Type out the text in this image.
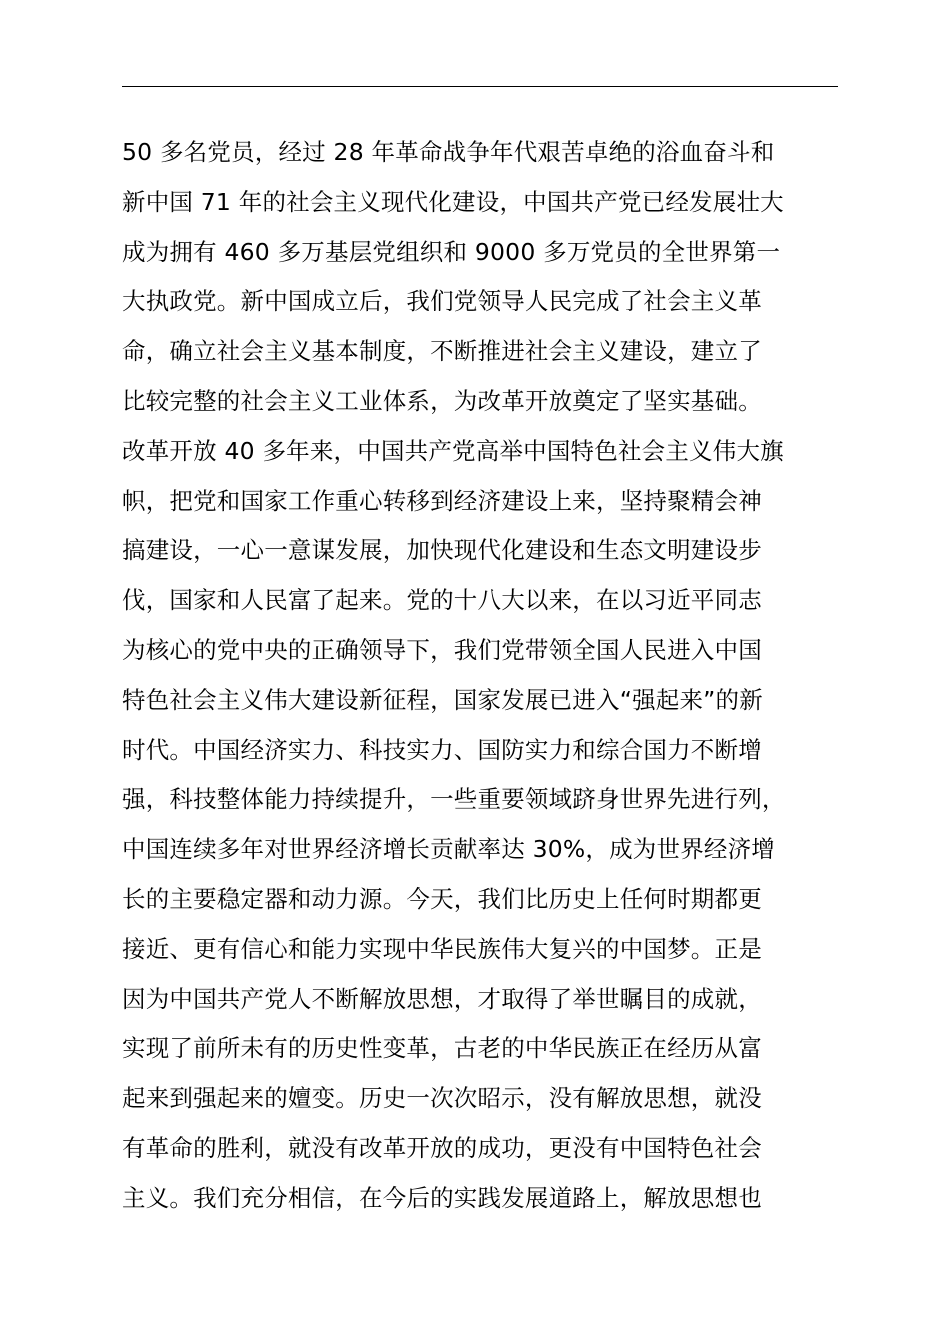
50 多名党员，经过 28 年革命战争年代艰苦卓绝的浴血奋斗和
新中国 71 年的社会主义现代化建设，中国共产党已经发展壮大
成为拥有 460 多万基层党组织和 9000 多万党员的全世界第一
大执政党。新中国成立后，我们党领导人民完成了社会主义革
命，确立社会主义基本制度，不断推进社会主义建设，建立了
比较完整的社会主义工业体系，为改革开放奠定了坚实基础。
改革开放 40 多年来，中国共产党高举中国特色社会主义伟大旗
帜，把党和国家工作重心转移到经济建设上来，坚持聚精会神
搞建设，一心一意谋发展，加快现代化建设和生态文明建设步
伐，国家和人民富了起来。党的十八大以来，在以习近平同志
为核心的党中央的正确领导下，我们党带领全国人民进入中国
特色社会主义伟大建设新征程，国家发展已进入“强起来”的新
时代。中国经济实力、科技实力、国防实力和综合国力不断增
强，科技整体能力持续提升，一些重要领域跻身世界先进行列，
中国连续多年对世界经济增长贡献率达 30%，成为世界经济增
长的主要稳定器和动力源。今天，我们比历史上任何时期都更
接近、更有信心和能力实现中华民族伟大复兴的中国梦。正是
因为中国共产党人不断解放思想，才取得了举世瞩目的成就，
实现了前所未有的历史性变革，古老的中华民族正在经历从富
起来到强起来的嬗变。历史一次次昭示，没有解放思想，就没
有革命的胜利，就没有改革开放的成功，更没有中国特色社会
主义。我们充分相信，在今后的实践发展道路上，解放思想也
